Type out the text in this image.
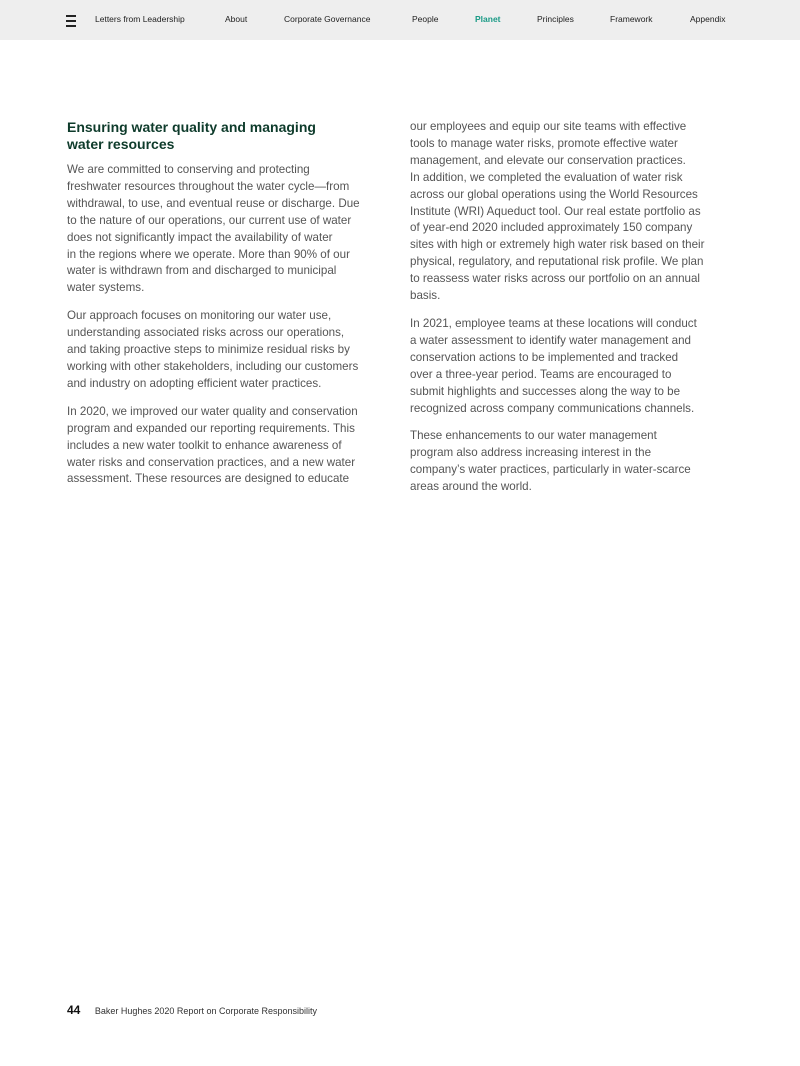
Letters from Leadership	About	Corporate Governance	People	Planet	Principles	Framework	Appendix
Ensuring water quality and managing
water resources

We are committed to conserving and protecting
freshwater resources throughout the water cycle—from
withdrawal, to use, and eventual reuse or discharge. Due
to the nature of our operations, our current use of water
does not significantly impact the availability of water
in the regions where we operate. More than 90% of our
water is withdrawn from and discharged to municipal
water systems.

Our approach focuses on monitoring our water use,
understanding associated risks across our operations,
and taking proactive steps to minimize residual risks by
working with other stakeholders, including our customers
and industry on adopting efficient water practices.

In 2020, we improved our water quality and conservation
program and expanded our reporting requirements. This
includes a new water toolkit to enhance awareness of
water risks and conservation practices, and a new water
assessment. These resources are designed to educate

our employees and equip our site teams with effective
tools to manage water risks, promote effective water
management, and elevate our conservation practices.
In addition, we completed the evaluation of water risk
across our global operations using the World Resources
Institute (WRI) Aqueduct tool. Our real estate portfolio as
of year-end 2020 included approximately 150 company
sites with high or extremely high water risk based on their
physical, regulatory, and reputational risk profile. We plan
to reassess water risks across our portfolio on an annual
basis.

In 2021, employee teams at these locations will conduct
a water assessment to identify water management and
conservation actions to be implemented and tracked
over a three-year period. Teams are encouraged to
submit highlights and successes along the way to be
recognized across company communications channels.

These enhancements to our water management
program also address increasing interest in the
company’s water practices, particularly in water-scarce
areas around the world.

44 Baker Hughes 2020 Report on Corporate Responsibility
